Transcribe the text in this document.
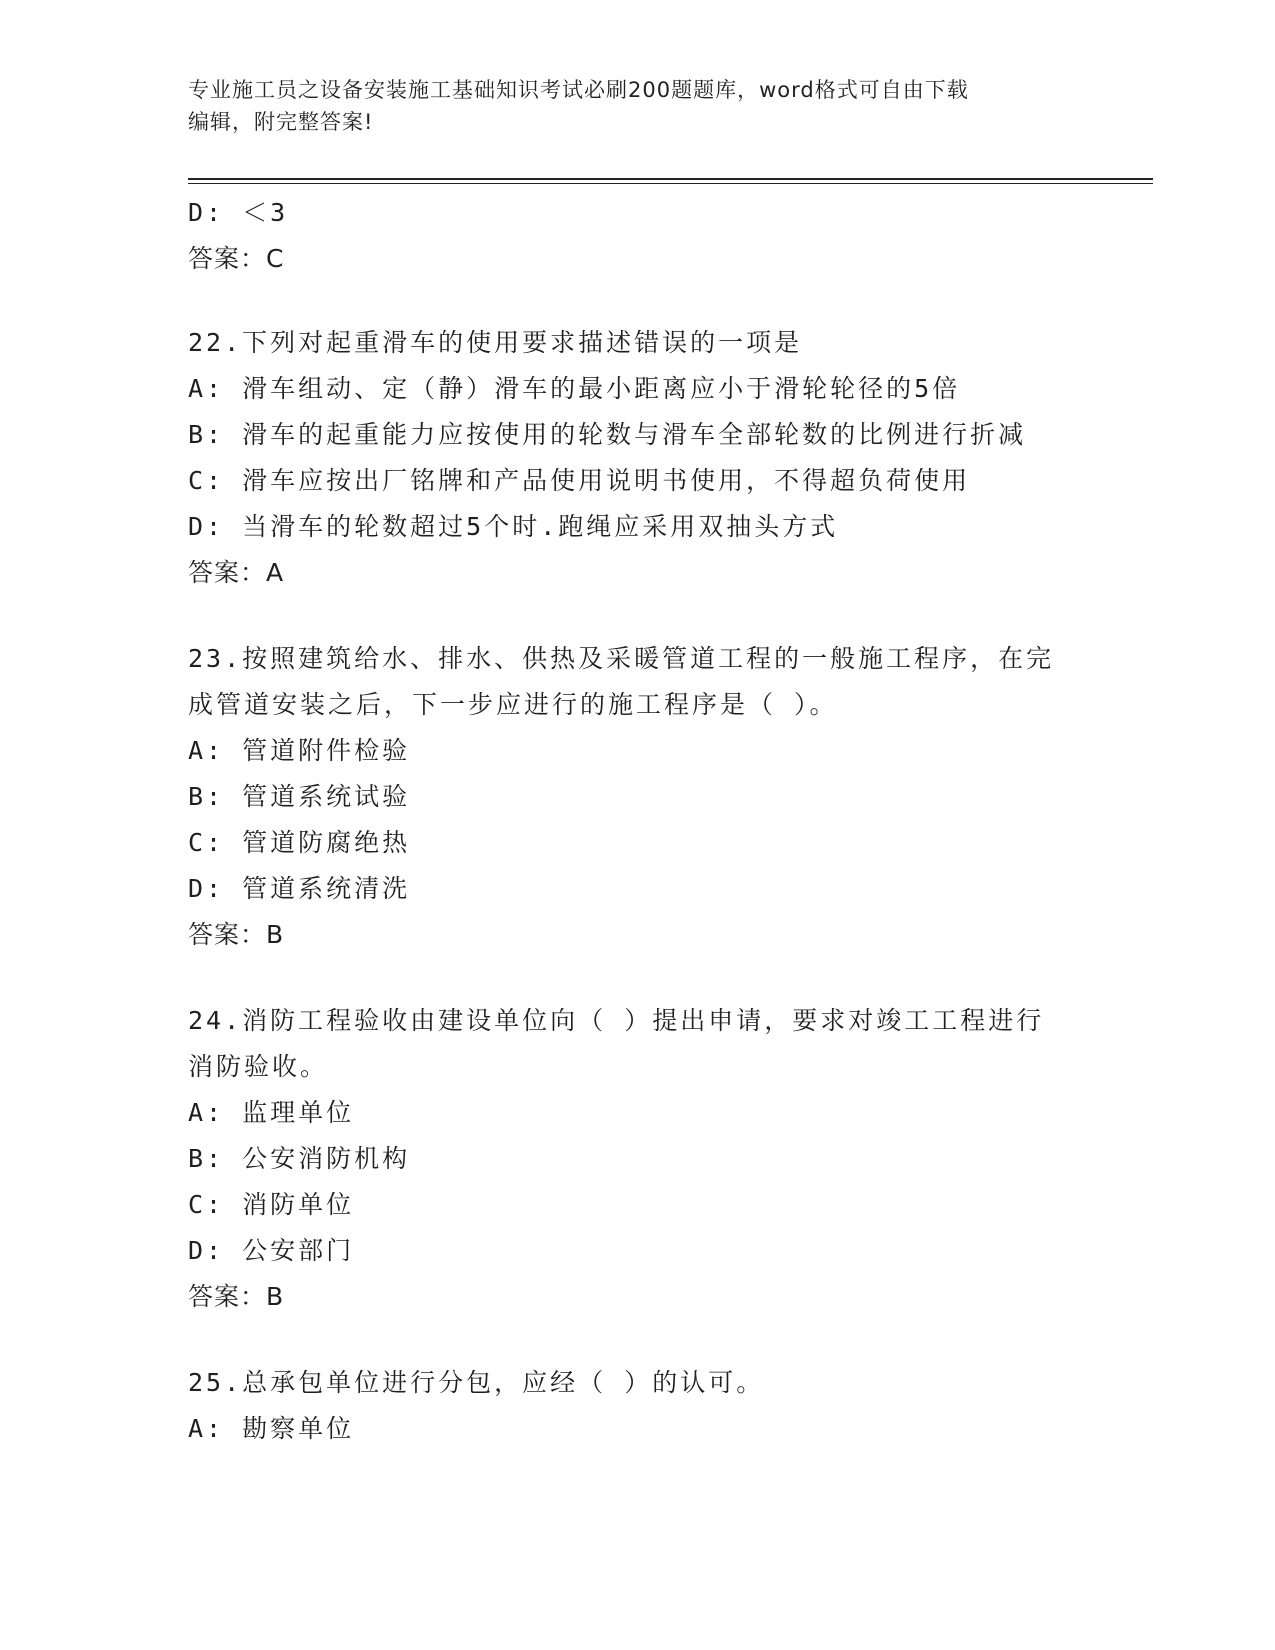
专业施工员之设备安装施工基础知识考试必刷200题题库，word格式可自由下载
编辑，附完整答案!
D: ＜3
答案：C
22.下列对起重滑车的使用要求描述错误的一项是
A: 滑车组动、定（静）滑车的最小距离应小于滑轮轮径的5倍
B: 滑车的起重能力应按使用的轮数与滑车全部轮数的比例进行折减
C: 滑车应按出厂铭牌和产品使用说明书使用，不得超负荷使用
D: 当滑车的轮数超过5个时.跑绳应采用双抽头方式
答案：A
23.按照建筑给水、排水、供热及采暖管道工程的一般施工程序，在完
成管道安装之后，下一步应进行的施工程序是（ ）。
A: 管道附件检验
B: 管道系统试验
C: 管道防腐绝热
D: 管道系统清洗
答案：B
24.消防工程验收由建设单位向（ ）提出申请，要求对竣工工程进行
消防验收。
A: 监理单位
B: 公安消防机构
C: 消防单位
D: 公安部门
答案：B
25.总承包单位进行分包，应经（ ）的认可。
A: 勘察单位
